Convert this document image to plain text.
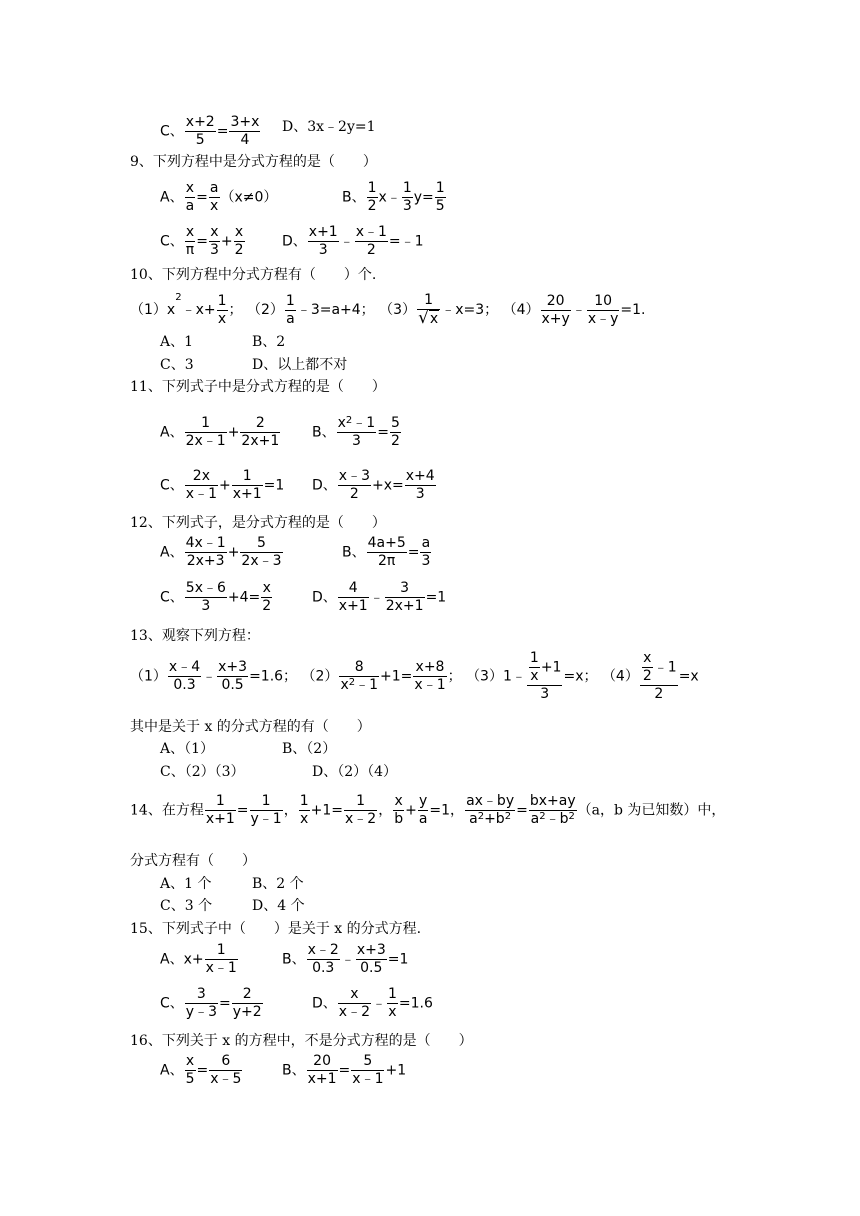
C、 $\frac{x+2}{5} = \frac{3+x}{4}$ D、3x﹣2y=1
9、下列方程中是分式方程的是（　　）
A、 $\frac{x}{a} = \frac{a}{x} (x\ne 0)$	B、 $\frac{1}{2}$ x﹣ $\frac{1}{3} y= \frac{1}{5}$
C、 $\frac{x}{\pi} = \frac{x}{3} + \frac{x}{2}$	D、 $\frac{x+1}{3}$ ﹣ $\frac{x﹣1}{2}$ =﹣1
10、下列方程中分式方程有（　　）个.
$(1)x^2﹣x+ \frac{1}{x}$ ； $(2) \frac{1}{a}$ ﹣3=a+4； $(3) \frac{1}{√x}$ ﹣x=3； $(4) \frac{20}{x+y}$ ﹣ $\frac{10}{x﹣y} =1$.
A、1	B、2
C、3	D、以上都不对
11、下列式子中是分式方程的是（　　）
A、 $\frac{1}{2x﹣1} + \frac{2}{2x+1}$ B、 $\frac{x^2﹣1}{3} = \frac{5}{2}$
C、 $\frac{2x}{x﹣1} + \frac{1}{x+1} =1$ D、 $\frac{x﹣3}{2} +x= \frac{x+4}{3}$
12、下列式子，是分式方程的是（　　）
A、 $\frac{4x﹣1}{2x+3} + \frac{5}{2x﹣3}$	B、 $\frac{4a+5}{2\pi} = \frac{a}{3}$
C、 $\frac{5x﹣6}{3} +4= \frac{x}{2}$	D、 $\frac{4}{x+1}$ ﹣ $\frac{3}{2x+1} =1$
13、观察下列方程：
$(1) \frac{x﹣4}{0.3}$ ﹣ $\frac{x+3}{0.5} =1.6$； $(2) \frac{8}{x^2﹣1} +1= \frac{x+8}{x﹣1}$ ； （3）1﹣ $\frac{\frac{1}{x} +1}{3} =x$； $(4) \frac{\frac{x}{2} ﹣1}{2} =x$
其中是关于 x 的分式方程的有（　　）
A、（1）	B、（2）
C、（2）（3）	D、（2）（4）
14、在方程 $\frac{1}{x+1} = \frac{1}{y﹣1}$ ， $\frac{1}{x} +1= \frac{1}{x﹣2}$ ， $\frac{x}{b} + \frac{y}{a} =1$， $\frac{ax﹣by}{a^2+b^2} = \frac{bx+ay}{a^2﹣b^2} (a$，b 为已知数）中，
分式方程有（　　）
A、1 个	B、2 个
C、3 个	D、4 个
15、下列式子中（　　）是关于 x 的分式方程.
A、$x+ \frac{1}{x﹣1}$	B、 $\frac{x﹣2}{0.3}$ ﹣ $\frac{x+3}{0.5} =1$
C、 $\frac{3}{y﹣3} = \frac{2}{y+2}$	D、 $\frac{x}{x﹣2}$ ﹣ $\frac{1}{x} =1.6$
16、下列关于 x 的方程中，不是分式方程的是（　　）
A、 $\frac{x}{5} = \frac{6}{x﹣5}$	B、 $\frac{20}{x+1} = \frac{5}{x﹣1} +1$
